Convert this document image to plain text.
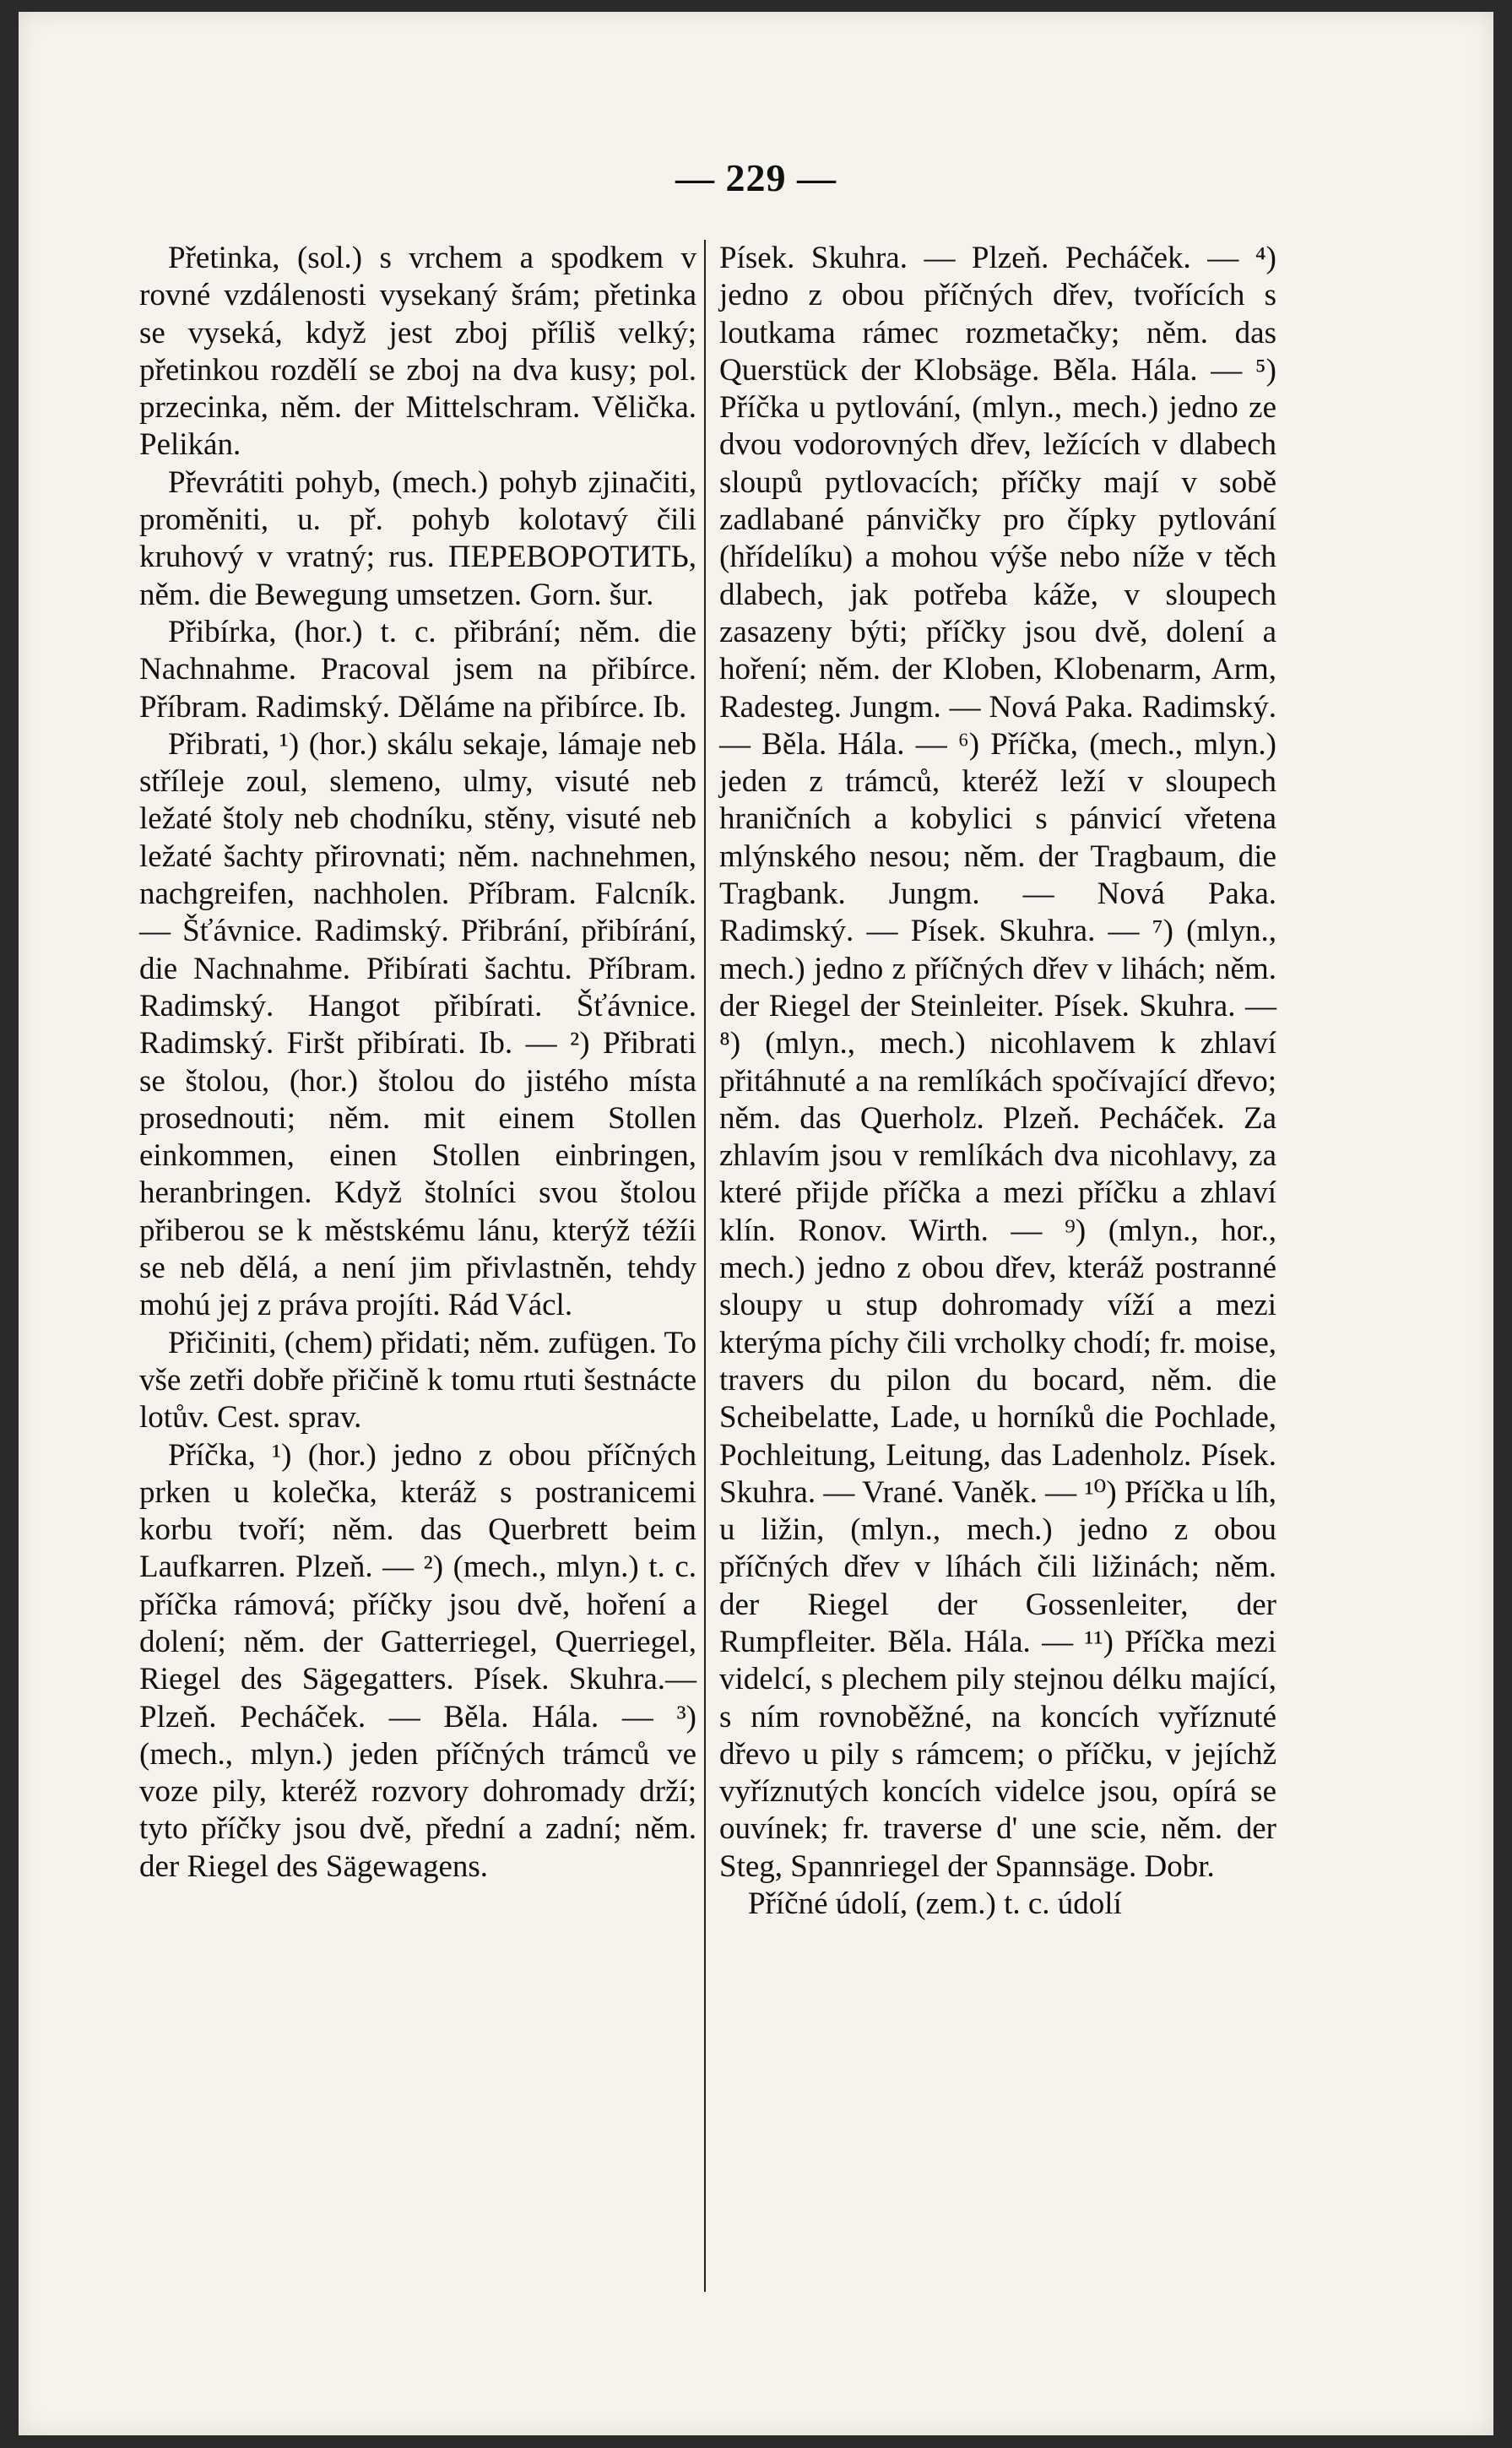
— 229 —

Přetinka, (sol.) s vrchem a spodkem v rovné vzdálenosti vysekaný šrám; přetinka se vyseká, když jest zboj příliš velký; přetinkou rozdělí se zboj na dva kusy; pol. przecinka, něm. der Mittelschram. Vělička. Pelikán.

Převrátiti pohyb, (mech.) pohyb zjinačiti, proměniti, u. př. pohyb kolotavý čili kruhový v vratný; rus. ПЕРЕВОРОТИТЬ, něm. die Bewegung umsetzen. Gorn. šur.

Přibírka, (hor.) t. c. přibrání; něm. die Nachnahme. Pracoval jsem na přibírce. Příbram. Radimský. Děláme na přibírce. Ib.

Přibrati, ¹) (hor.) skálu sekaje, lámaje neb střílejе zoul, slemeno, ulmy, visuté neb ležaté štoly neb chodníku, stěny, visuté neb ležaté šachty přirovnati; něm. nachnehmen, nachgreifen, nachholen. Příbram. Falcník. — Šťávnice. Radimský. Přibrání, přibírání, die Nachnahme. Přibírati šachtu. Příbram. Radimský. Hangot přibírati. Šťávnice. Radimský. Firšt přibírati. Ib. — ²) Přibrati se štolou, (hor.) štolou do jistého místa prosednouti; něm. mit einem Stollen einkommen, einen Stollen einbringen, heranbringen. Když štolníci svou štolou přiberou se k městskému lánu, kterýž téžíi se neb dělá, a není jim přivlastněn, tehdy mohú jej z práva projíti. Rád Václ.

Přičiniti, (chem) přidati; něm. zufügen. To vše zetři dobře přičině k tomu rtuti šestnácte lotův. Cest. sprav.

Příčka, ¹) (hor.) jedno z obou příčných prken u kolečka, kteráž s postranicemi korbu tvoří; něm. das Querbrett beim Laufkarren. Plzeň. — ²) (mech., mlyn.) t. c. příčka rámová; příčky jsou dvě, hoření a dolení; něm. der Gatterriegel, Querriegel, Riegel des Sägegatters. Písek. Skuhra.— Plzeň. Pecháček. — Běla. Hála. — ³)(mech., mlyn.) jeden příčných trámců ve voze pily, kteréž rozvory dohromady drží; tyto příčky jsou dvě, přední a zadní; něm. der Riegel des Sägewagens.

Písek. Skuhra. — Plzeň. Pecháček. — ⁴) jedno z obou příčných dřev, tvořících s loutkama rámec rozmetačky; něm. das Querstück der Klobsäge. Běla. Hála. — ⁵) Příčka u pytlování, (mlyn., mech.) jedno ze dvou vodorovných dřev, ležících v dlabech sloupů pytlovacích; příčky mají v sobě zadlabané pánvičky pro čípky pytlování (hřídelíku) a mohou výše nebo níže v těch dlabech, jak potřeba káže, v sloupech zasazeny býti; příčky jsou dvě, dolení a hoření; něm. der Kloben, Klobenarm, Arm, Radesteg. Jungm. — Nová Paka. Radimský. — Běla. Hála. — ⁶) Příčka, (mech., mlyn.) jeden z trámců, kteréž leží v sloupech hraničních a kobylici s pánvicí vřetena mlýnského nesou; něm. der Tragbaum, die Tragbank. Jungm. — Nová Paka. Radimský. — Písek. Skuhra. — ⁷) (mlyn., mech.) jedno z příčných dřev v lihách; něm. der Riegel der Steinleiter. Písek. Skuhra. — ⁸) (mlyn., mech.) nicohlavem k zhlaví přitáhnuté a na remlíkách spočívající dřevo; něm. das Querholz. Plzeň. Pecháček. Za zhlavím jsou v remlíkách dva nicohlavy, za které přijde příčka a mezi příčku a zhlaví klín. Ronov. Wirth. — ⁹) (mlyn., hor., mech.) jedno z obou dřev, kteráž postranné sloupy u stup dohromady víží a mezi kterýma píchy čili vrcholky chodí; fr. moise, travers du pilon du bocard, něm. die Scheibelatte, Lade, u horníků die Pochlade, Pochleitung, Leitung, das Ladenholz. Písek. Skuhra. — Vrané. Vaněk. — ¹⁰) Příčka u líh, u ližin, (mlyn., mech.) jedno z obou příčných dřev v líhách čili ližinách; něm. der Riegel der Gossenleiter, der Rumpfleiter. Běla. Hála. — ¹¹) Příčka mezi videlcí, s plechem pily stejnou délku mající, s ním rovnoběžné, na koncích vyříznuté dřevo u pily s rámcem; o příčku, v jejíchž vyříznutých koncích videlce jsou, opírá se ouvínek; fr. traverse d' une scie, něm. der Steg, Spannriegel der Spannsäge. Dobr.

Příčné údolí, (zem.) t. c. údolí
